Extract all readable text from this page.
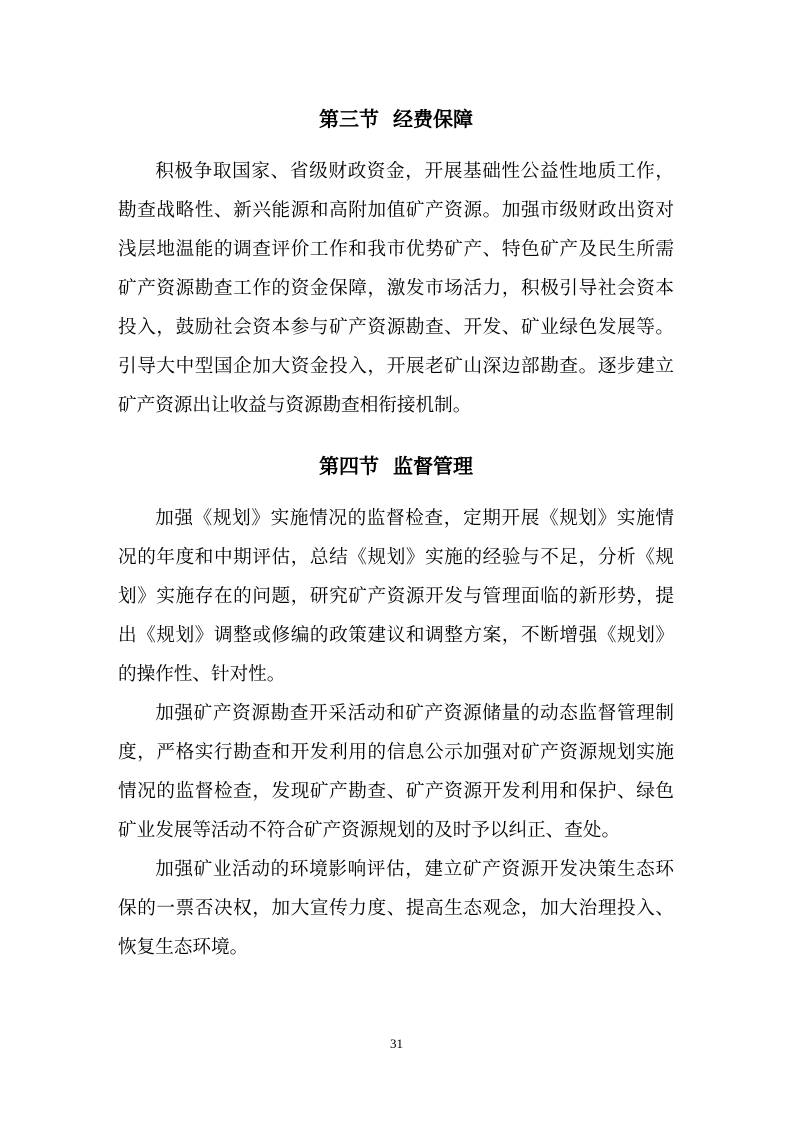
第三节  经费保障

积极争取国家、省级财政资金，开展基础性公益性地质工作，勘查战略性、新兴能源和高附加值矿产资源。加强市级财政出资对浅层地温能的调查评价工作和我市优势矿产、特色矿产及民生所需矿产资源勘查工作的资金保障，激发市场活力，积极引导社会资本投入，鼓励社会资本参与矿产资源勘查、开发、矿业绿色发展等。引导大中型国企加大资金投入，开展老矿山深边部勘查。逐步建立矿产资源出让收益与资源勘查相衔接机制。

第四节  监督管理

加强《规划》实施情况的监督检查，定期开展《规划》实施情况的年度和中期评估，总结《规划》实施的经验与不足，分析《规划》实施存在的问题，研究矿产资源开发与管理面临的新形势，提出《规划》调整或修编的政策建议和调整方案，不断增强《规划》的操作性、针对性。

加强矿产资源勘查开采活动和矿产资源储量的动态监督管理制度，严格实行勘查和开发利用的信息公示加强对矿产资源规划实施情况的监督检查，发现矿产勘查、矿产资源开发利用和保护、绿色矿业发展等活动不符合矿产资源规划的及时予以纠正、查处。

加强矿业活动的环境影响评估，建立矿产资源开发决策生态环保的一票否决权，加大宣传力度、提高生态观念，加大治理投入、恢复生态环境。

31
